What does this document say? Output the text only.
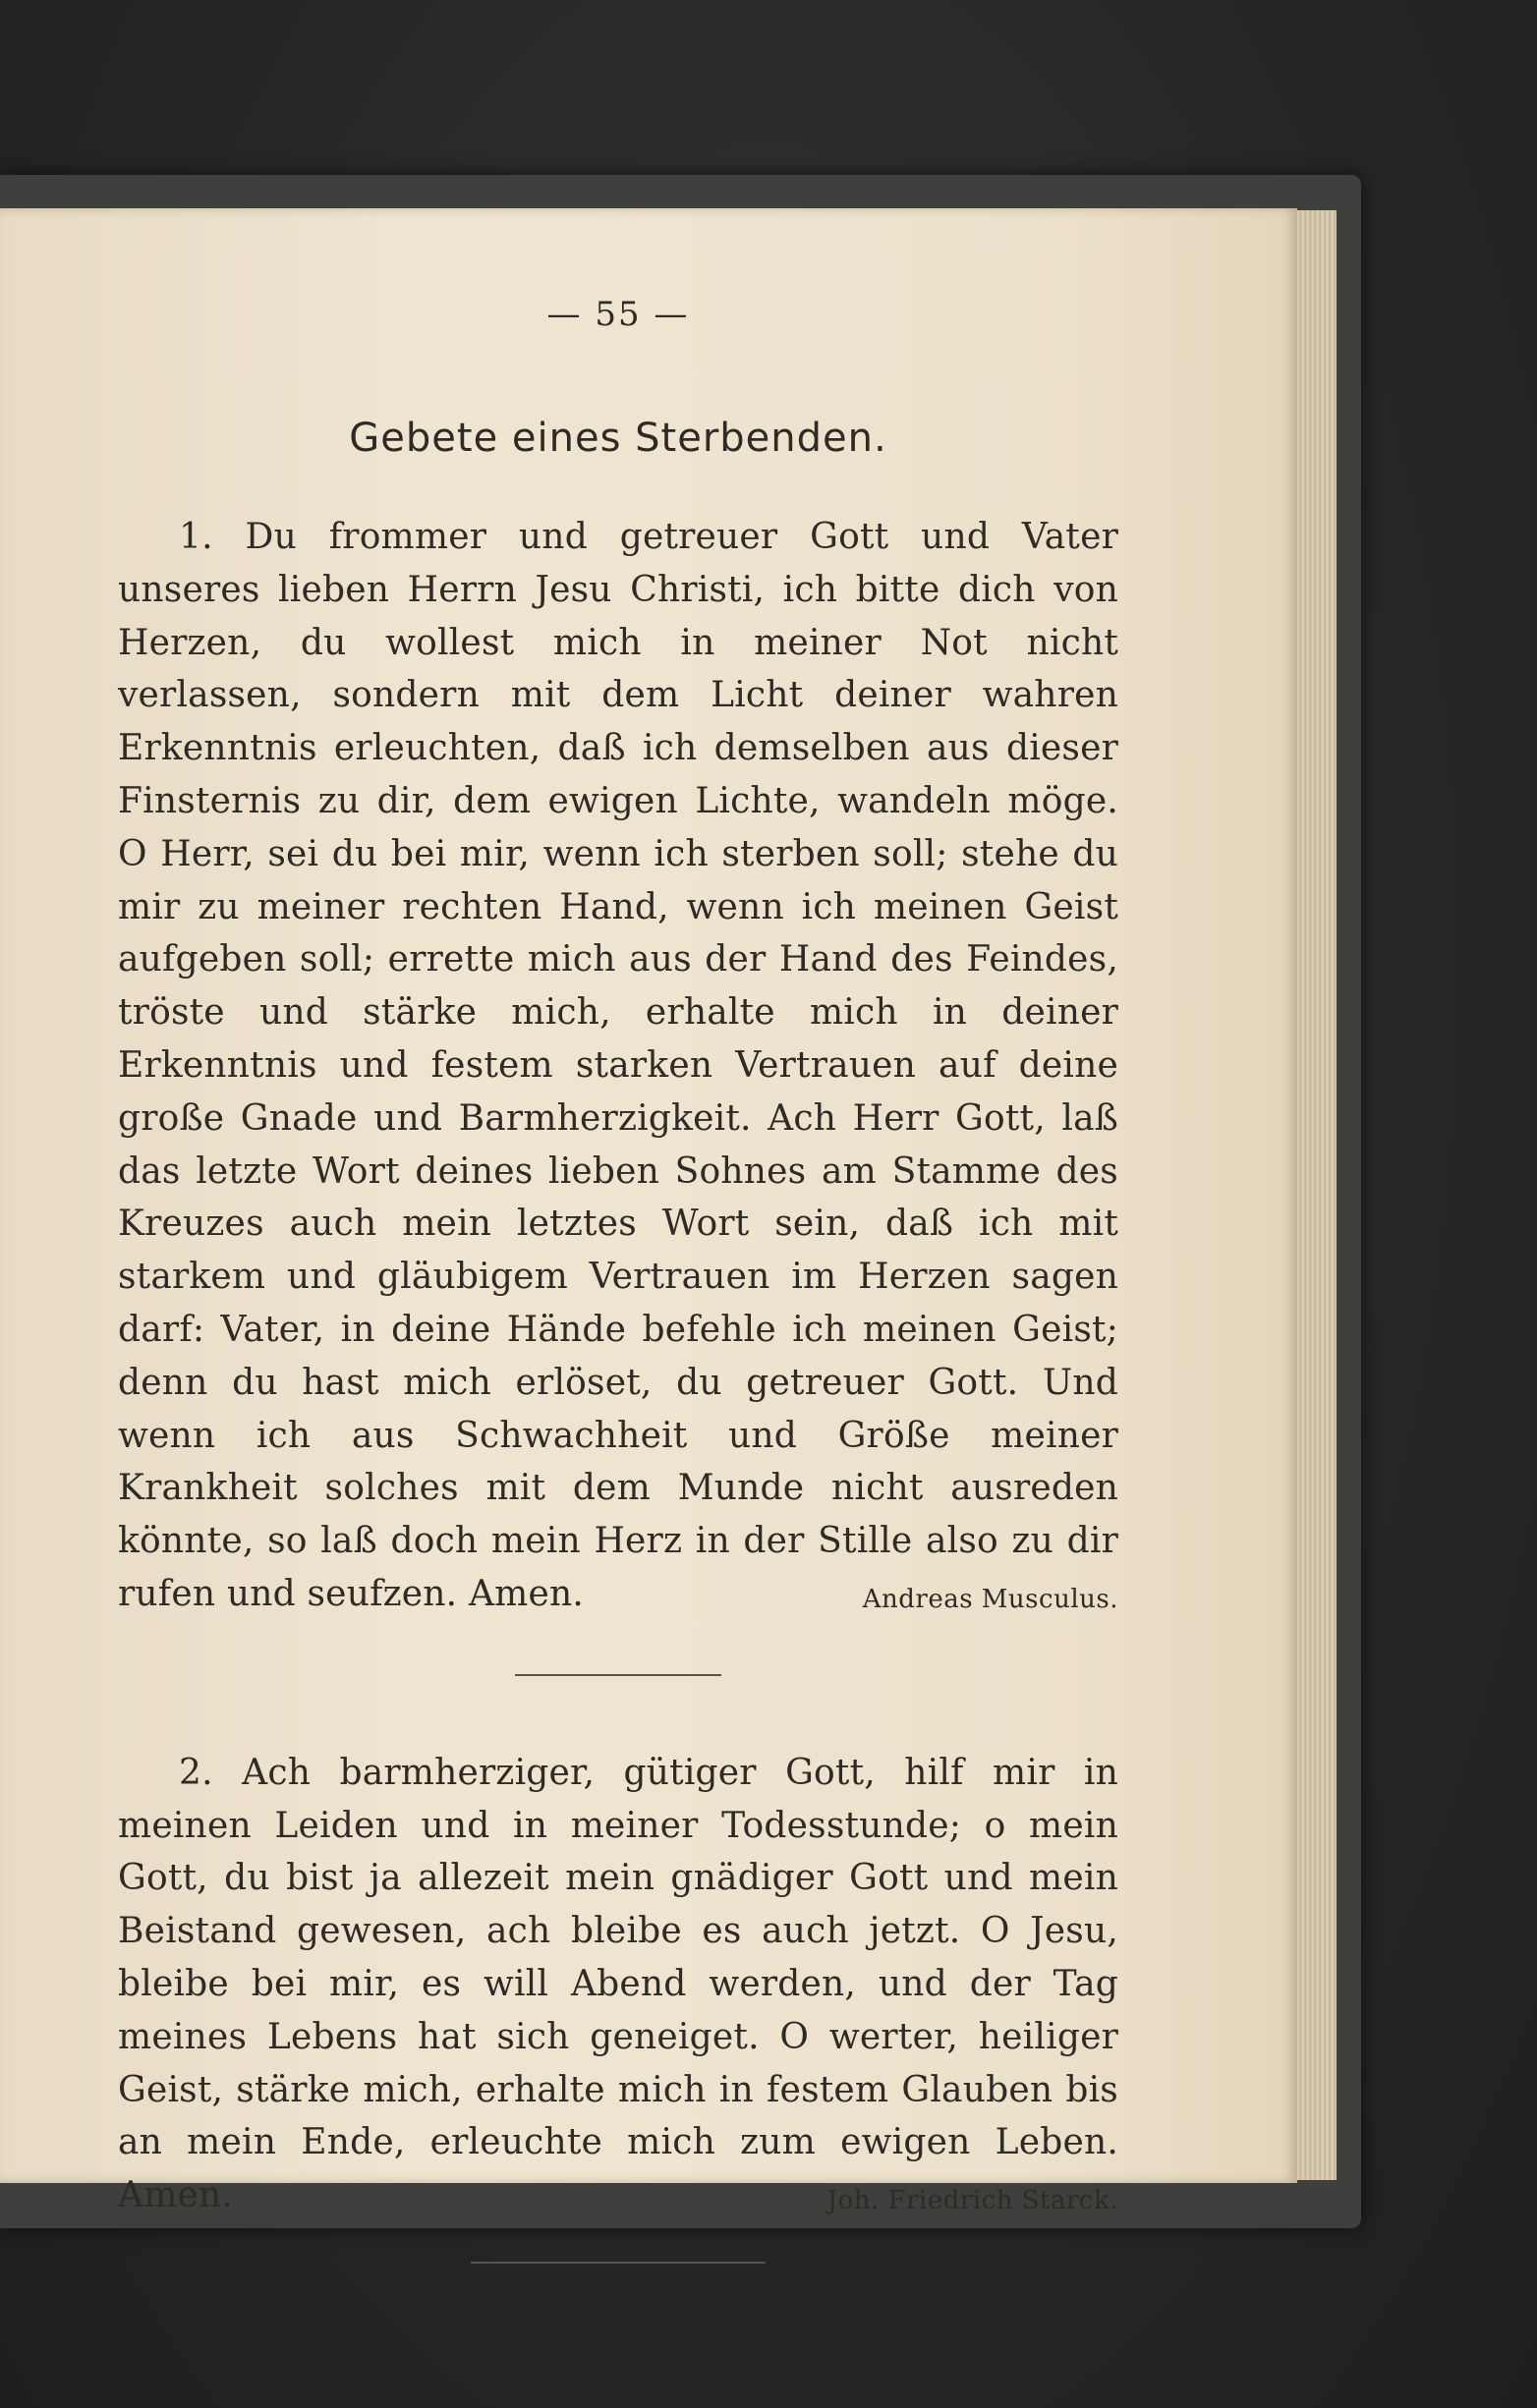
— 55 —
Gebete eines Sterbenden.

1. Du frommer und getreuer Gott und Vater unseres lieben Herrn Jesu Christi, ich bitte dich von Herzen, du wollest mich in meiner Not nicht verlassen, sondern mit dem Licht deiner wahren Erkenntnis erleuchten, daß ich demselben aus dieser Finsternis zu dir, dem ewigen Lichte, wandeln möge. O Herr, sei du bei mir, wenn ich sterben soll; stehe du mir zu meiner rechten Hand, wenn ich meinen Geist aufgeben soll; errette mich aus der Hand des Feindes, tröste und stärke mich, erhalte mich in deiner Erkenntnis und festem starken Vertrauen auf deine große Gnade und Barmherzigkeit. Ach Herr Gott, laß das letzte Wort deines lieben Sohnes am Stamme des Kreuzes auch mein letztes Wort sein, daß ich mit starkem und gläubigem Vertrauen im Herzen sagen darf: Vater, in deine Hände befehle ich meinen Geist; denn du hast mich erlöset, du getreuer Gott. Und wenn ich aus Schwachheit und Größe meiner Krankheit solches mit dem Munde nicht ausreden könnte, so laß doch mein Herz in der Stille also zu dir rufen und seufzen. Amen.	Andreas Musculus.

2. Ach barmherziger, gütiger Gott, hilf mir in meinen Leiden und in meiner Todesstunde; o mein Gott, du bist ja allezeit mein gnädiger Gott und mein Beistand gewesen, ach bleibe es auch jetzt. O Jesu, bleibe bei mir, es will Abend werden, und der Tag meines Lebens hat sich geneiget. O werter, heiliger Geist, stärke mich, erhalte mich in festem Glauben bis an mein Ende, erleuchte mich zum ewigen Leben. Amen.	Joh. Friedrich Starck.
